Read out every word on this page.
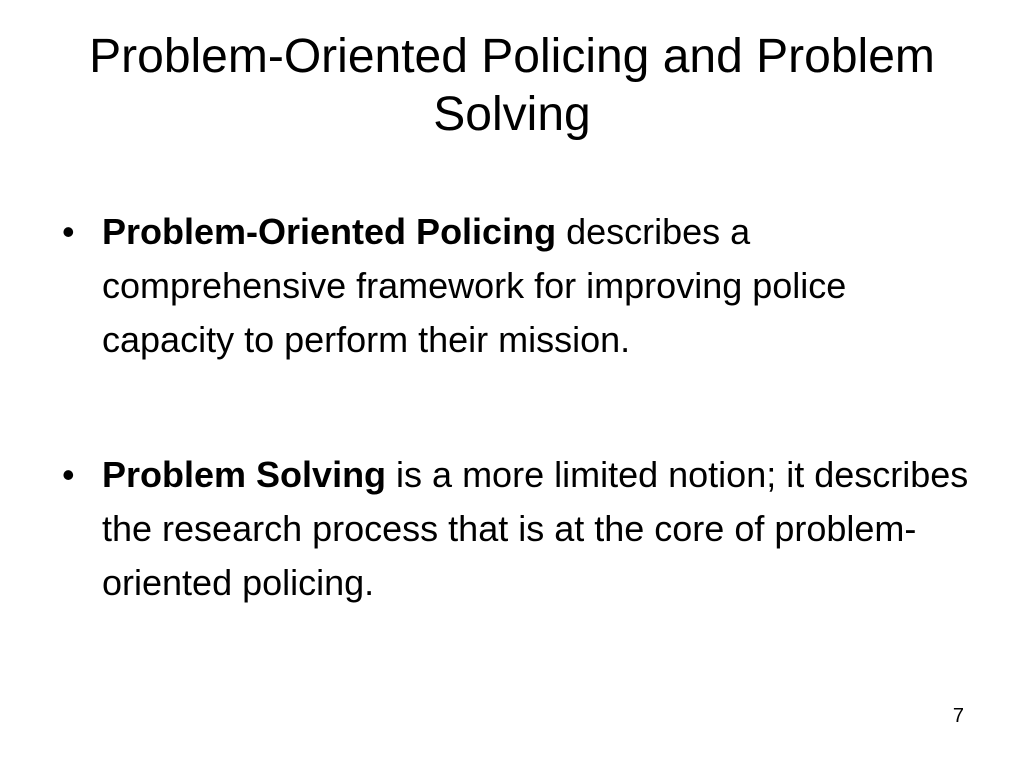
Problem-Oriented Policing and Problem Solving
• Problem-Oriented Policing describes a comprehensive framework for improving police capacity to perform their mission.
• Problem Solving is a more limited notion; it describes the research process that is at the core of problem-oriented policing.
7
